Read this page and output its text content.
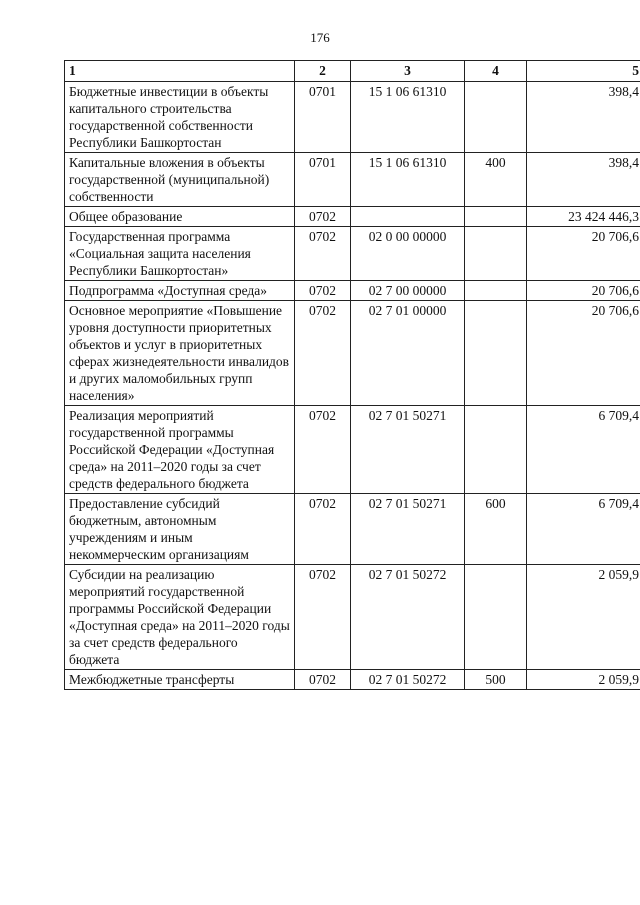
176
1	2	3	4	5
Бюджетные инвестиции в объекты капитального строительства государственной собственности Республики Башкортостан	0701	15 1 06 61310		398,4
Капитальные вложения в объекты государственной (муниципальной) собственности	0701	15 1 06 61310	400	398,4
Общее образование	0702			23 424 446,3
Государственная программа «Социальная защита населения Республики Башкортостан»	0702	02 0 00 00000		20 706,6
Подпрограмма «Доступная среда»	0702	02 7 00 00000		20 706,6
Основное мероприятие «Повышение уровня доступности приоритетных объектов и услуг в приоритетных сферах жизнедеятельности инвалидов и других маломобильных групп населения»	0702	02 7 01 00000		20 706,6
Реализация мероприятий государственной программы Российской Федерации «Доступная среда» на 2011–2020 годы за счет средств федерального бюджета	0702	02 7 01 50271		6 709,4
Предоставление субсидий бюджетным, автономным учреждениям и иным некоммерческим организациям	0702	02 7 01 50271	600	6 709,4
Субсидии на реализацию мероприятий государственной программы Российской Федерации «Доступная среда» на 2011–2020 годы за счет средств федерального бюджета	0702	02 7 01 50272		2 059,9
Межбюджетные трансферты	0702	02 7 01 50272	500	2 059,9
